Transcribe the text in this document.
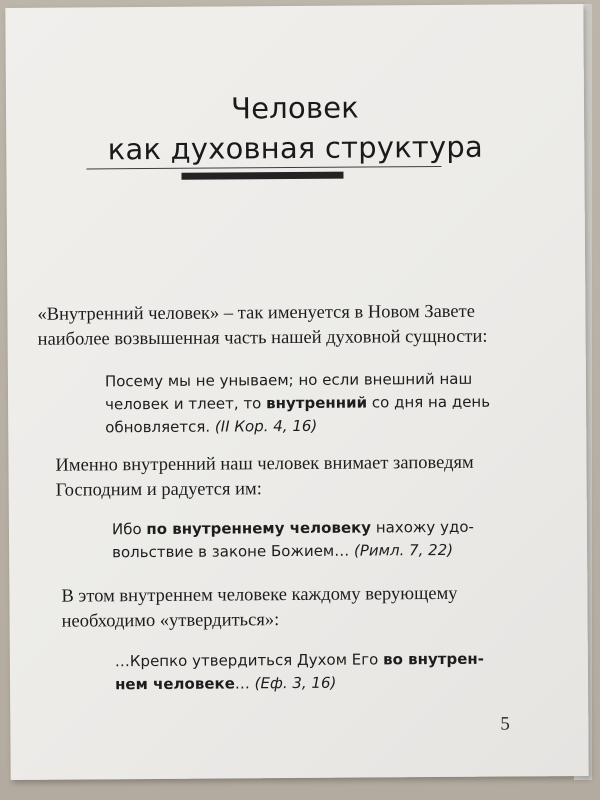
Человек
как духовная структура

«Внутренний человек» – так именуется в Новом Завете

наиболее возвышенная часть нашей духовной сущности:

Посему мы не унываем; но если внешний наш

человек и тлеет, то внутренний со дня на день

обновляется. (II Кор. 4, 16)

Именно внутренний наш человек внимает заповедям

Господним и радуется им:

Ибо по внутреннему человеку нахожу удо-

вольствие в законе Божием… (Римл. 7, 22)

В этом внутреннем человеке каждому верующему

необходимо «утвердиться»:

…Крепко утвердиться Духом Его во внутрен-

нем человеке… (Еф. 3, 16)

5
